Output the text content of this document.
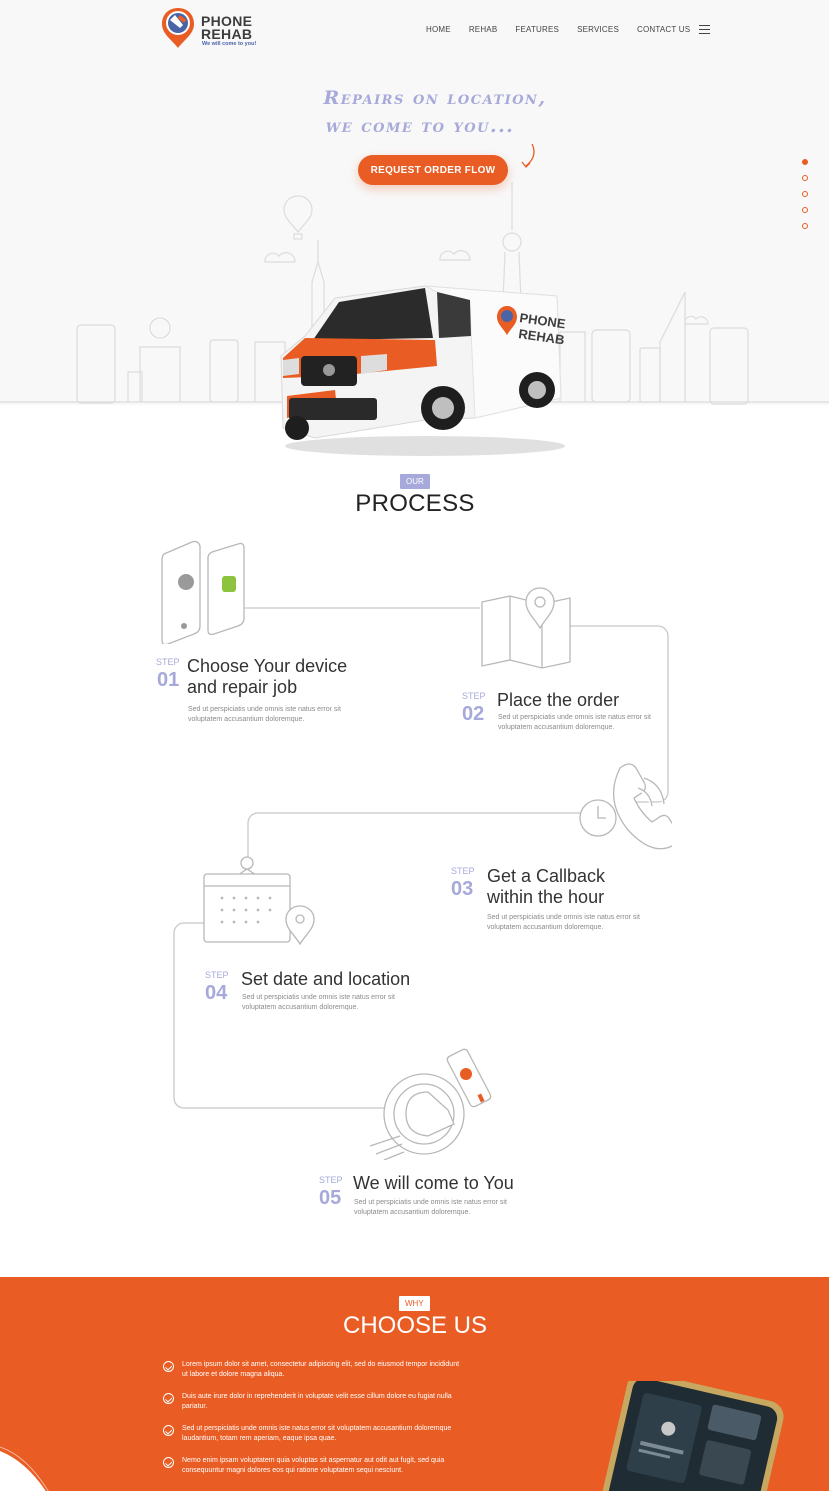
PHONE
REHAB
We will come to you!
HOME REHAB FEATURES SERVICES CONTACT US
Repairs on location,
we come to you...
REQUEST ORDER FLOW
PHONE
REHAB
OUR
PROCESS
STEP
01
Choose Your device
and repair job
Sed ut perspiciatis unde omnis iste natus error sit
voluptatem accusantium doloremque.
STEP
02
Place the order
Sed ut perspiciatis unde omnis iste natus error sit
voluptatem accusantium doloremque.
STEP
03
Get a Callback
within the hour
Sed ut perspiciatis unde omnis iste natus error sit
voluptatem accusantium doloremque.
STEP
04
Set date and location
Sed ut perspiciatis unde omnis iste natus error sit
voluptatem accusantium doloremque.
STEP
05
We will come to You
Sed ut perspiciatis unde omnis iste natus error sit
voluptatem accusantium doloremque.
WHY
CHOOSE US
Lorem ipsum dolor sit amet, consectetur adipiscing elit, sed do eiusmod tempor incididunt
ut labore et dolore magna aliqua.
Duis aute irure dolor in reprehenderit in voluptate velit esse cillum dolore eu fugiat nulla
pariatur.
Sed ut perspiciatis unde omnis iste natus error sit voluptatem accusantium doloremque
laudantium, totam rem aperiam, eaque ipsa quae.
Nemo enim ipsam voluptatem quia voluptas sit aspernatur aut odit aut fugit, sed quia
consequuntur magni dolores eos qui ratione voluptatem sequi nesciunt.
